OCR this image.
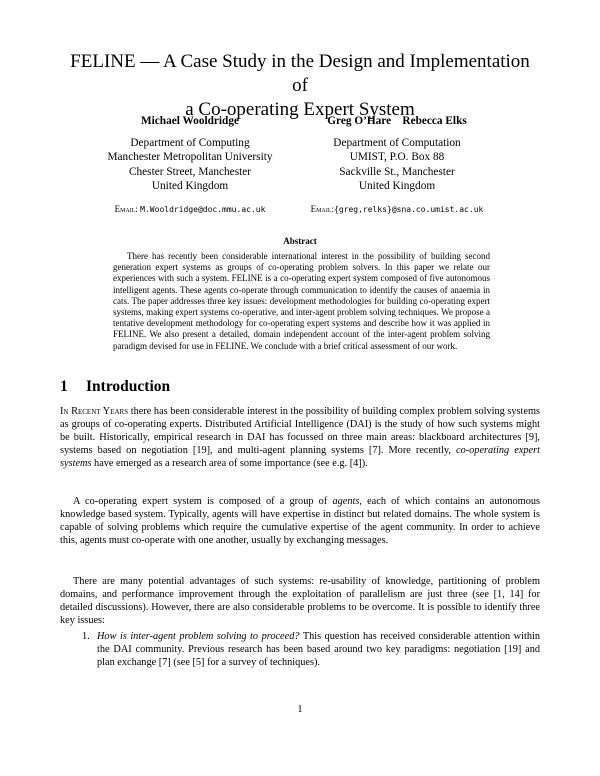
FELINE — A Case Study in the Design and Implementation of
a Co-operating Expert System
Michael Wooldridge
Department of Computing
Manchester Metropolitan University
Chester Street, Manchester
United Kingdom
Email: M.Wooldridge@doc.mmu.ac.uk
Greg O’Hare    Rebecca Elks
Department of Computation
UMIST, P.O. Box 88
Sackville St., Manchester
United Kingdom
Email:{greg,relks}@sna.co.umist.ac.uk
Abstract
There has recently been considerable international interest in the possibility of building second generation expert systems as groups of co-operating problem solvers. In this paper we relate our experiences with such a system. FELINE is a co-operating expert system composed of five autonomous intelligent agents. These agents co-operate through communication to identify the causes of anaemia in cats. The paper addresses three key issues: development methodologies for building co-operating expert systems, making expert systems co-operative, and inter-agent problem solving techniques. We propose a tentative development methodology for co-operating expert systems and describe how it was applied in FELINE. We also present a detailed, domain independent account of the inter-agent problem solving paradigm devised for use in FELINE. We conclude with a brief critical assessment of our work.
1 Introduction
In Recent Years there has been considerable interest in the possibility of building complex problem solving systems as groups of co-operating experts. Distributed Artificial Intelligence (DAI) is the study of how such systems might be built. Historically, empirical research in DAI has focussed on three main areas: blackboard architectures [9], systems based on negotiation [19], and multi-agent planning systems [7]. More recently, co-operating expert systems have emerged as a research area of some importance (see e.g. [4]).
A co-operating expert system is composed of a group of agents, each of which contains an autonomous knowledge based system. Typically, agents will have expertise in distinct but related domains. The whole system is capable of solving problems which require the cumulative expertise of the agent community. In order to achieve this, agents must co-operate with one another, usually by exchanging messages.
There are many potential advantages of such systems: re-usability of knowledge, partitioning of problem domains, and performance improvement through the exploitation of parallelism are just three (see [1, 14] for detailed discussions). However, there are also considerable problems to be overcome. It is possible to identify three key issues:
1. How is inter-agent problem solving to proceed? This question has received considerable attention within the DAI community. Previous research has been based around two key paradigms: negotiation [19] and plan exchange [7] (see [5] for a survey of techniques).
1
